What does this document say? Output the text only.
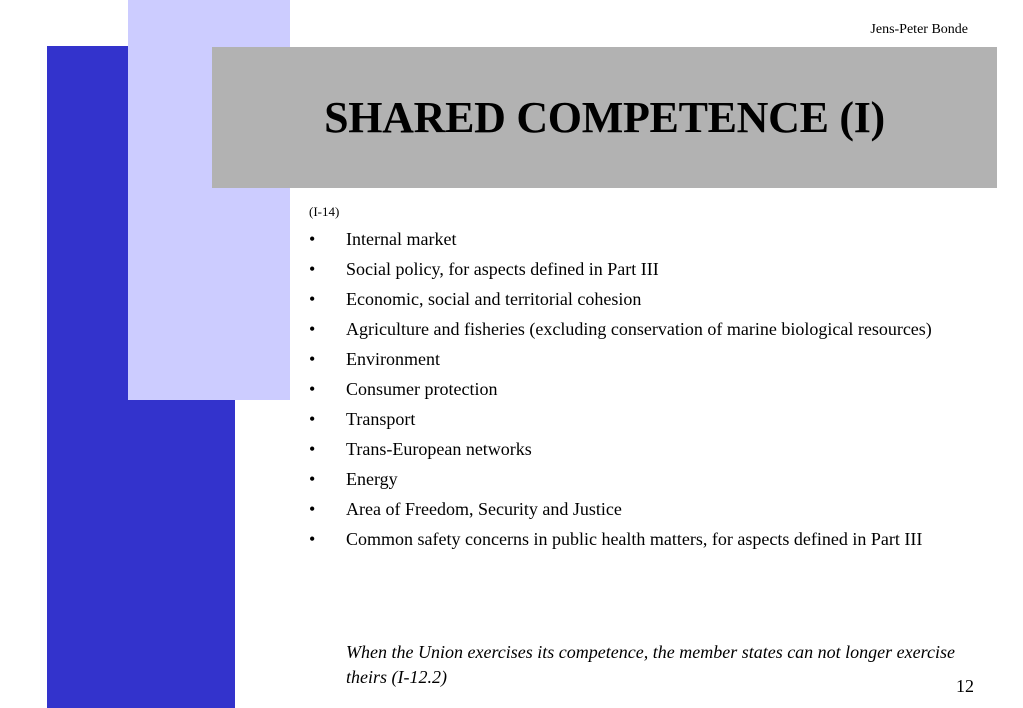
Jens-Peter Bonde
SHARED COMPETENCE (I)
(I-14)
• Internal market
• Social policy, for aspects defined in Part III
• Economic, social and territorial cohesion
• Agriculture and fisheries (excluding conservation of marine biological resources)
• Environment
• Consumer protection
• Transport
• Trans-European networks
• Energy
• Area of Freedom, Security and Justice
• Common safety concerns in public health matters, for aspects defined in Part III
When the Union exercises its competence, the member states can not longer exercise theirs (I-12.2)	12
